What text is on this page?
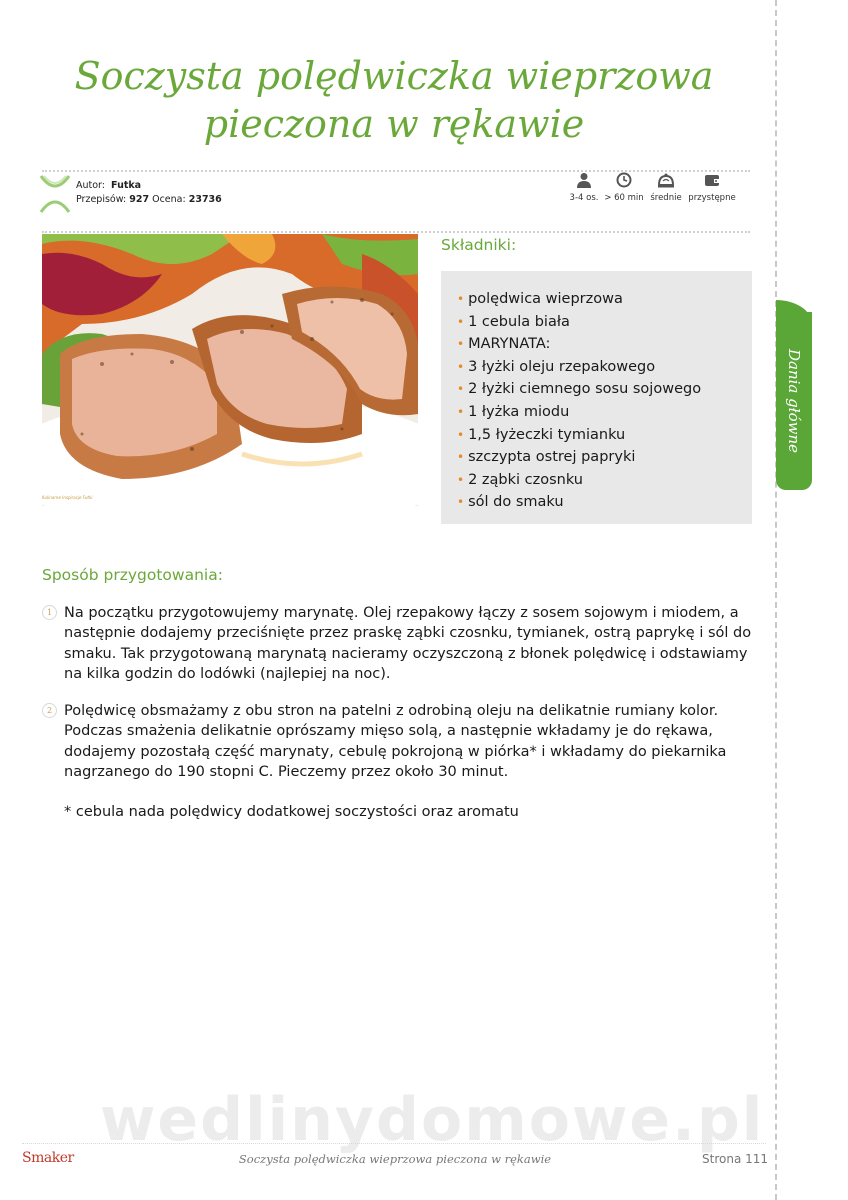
Dania główne
Soczysta polędwiczka wieprzowa pieczona w rękawie
Autor: Futka
Przepisów: 927 Ocena: 23736	3-4 os. > 60 min średnie przystępne
Kulinarne Inspiracje Futki	Futka | Smaker
Składniki:
• polędwica wieprzowa
• 1 cebula biała
• MARYNATA:
• 3 łyżki oleju rzepakowego
• 2 łyżki ciemnego sosu sojowego
• 1 łyżka miodu
• 1,5 łyżeczki tymianku
• szczypta ostrej papryki
• 2 ząbki czosnku
• sól do smaku
Sposób przygotowania:
1 Na początku przygotowujemy marynatę. Olej rzepakowy łączy z sosem sojowym i miodem, a następnie dodajemy przeciśnięte przez praskę ząbki czosnku, tymianek, ostrą paprykę i sól do smaku. Tak przygotowaną marynatą nacieramy oczyszczoną z błonek polędwicę i odstawiamy na kilka godzin do lodówki (najlepiej na noc).

2 Polędwicę obsmażamy z obu stron na patelni z odrobiną oleju na delikatnie rumiany kolor. Podczas smażenia delikatnie oprószamy mięso solą, a następnie wkładamy je do rękawa, dodajemy pozostałą część marynaty, cebulę pokrojoną w piórka* i wkładamy do piekarnika nagrzanego do 190 stopni C. Pieczemy przez około 30 minut.

* cebula nada polędwicy dodatkowej soczystości oraz aromatu

wedlinydomowe.pl
Smaker	Soczysta polędwiczka wieprzowa pieczona w rękawie	Strona 111
